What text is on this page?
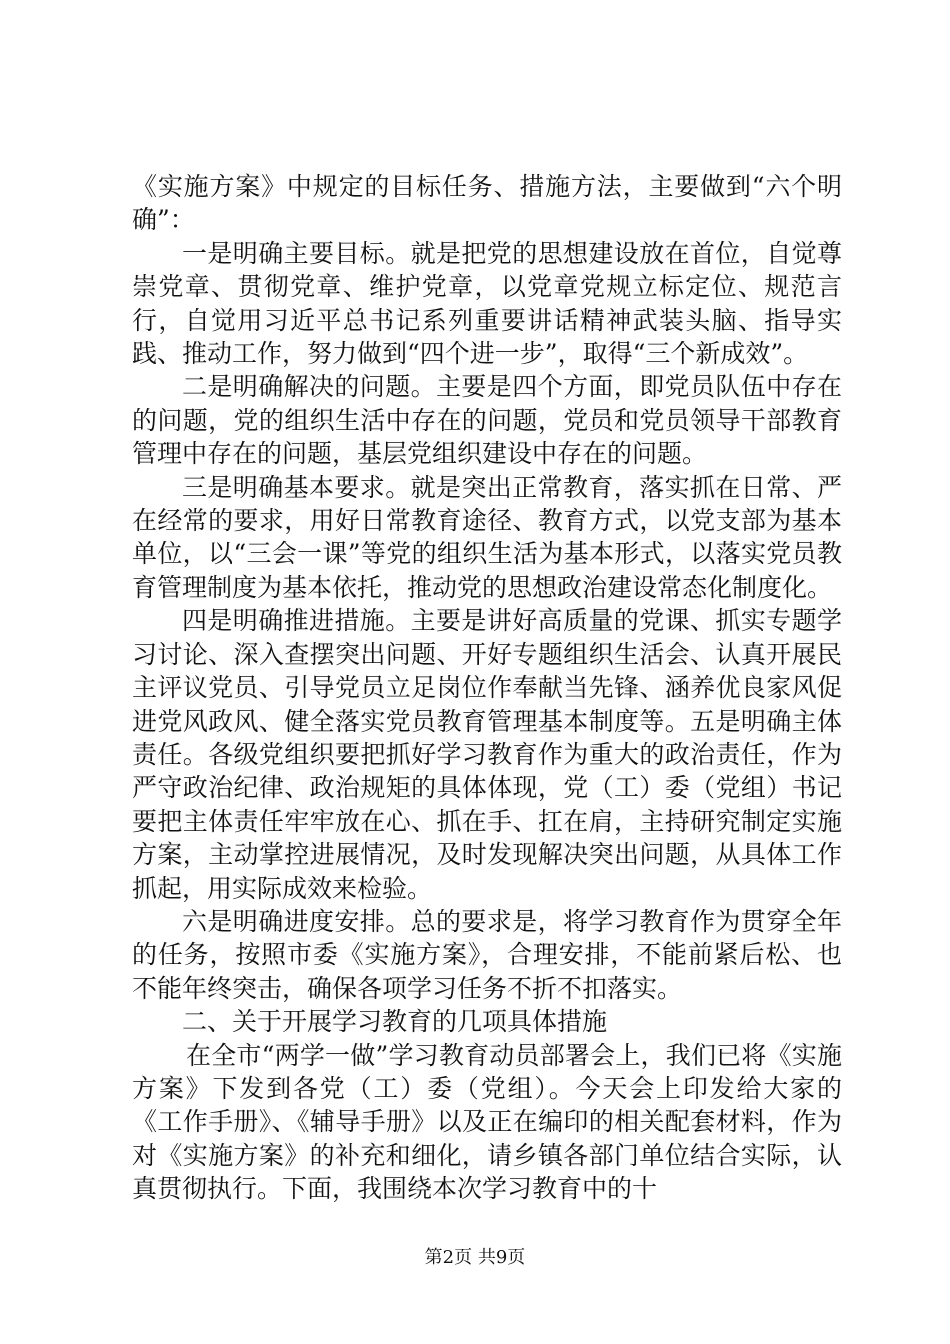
《实施方案》中规定的目标任务、措施方法，主要做到“六个明确”：

一是明确主要目标。就是把党的思想建设放在首位，自觉尊崇党章、贯彻党章、维护党章，以党章党规立标定位、规范言行，自觉用习近平总书记系列重要讲话精神武装头脑、指导实践、推动工作，努力做到“四个进一步”，取得“三个新成效”。

二是明确解决的问题。主要是四个方面，即党员队伍中存在的问题，党的组织生活中存在的问题，党员和党员领导干部教育管理中存在的问题，基层党组织建设中存在的问题。

三是明确基本要求。就是突出正常教育，落实抓在日常、严在经常的要求，用好日常教育途径、教育方式，以党支部为基本单位，以“三会一课”等党的组织生活为基本形式，以落实党员教育管理制度为基本依托，推动党的思想政治建设常态化制度化。

四是明确推进措施。主要是讲好高质量的党课、抓实专题学习讨论、深入查摆突出问题、开好专题组织生活会、认真开展民主评议党员、引导党员立足岗位作奉献当先锋、涵养优良家风促进党风政风、健全落实党员教育管理基本制度等。五是明确主体责任。各级党组织要把抓好学习教育作为重大的政治责任，作为严守政治纪律、政治规矩的具体体现，党（工）委（党组）书记要把主体责任牢牢放在心、抓在手、扛在肩，主持研究制定实施方案，主动掌控进展情况，及时发现解决突出问题，从具体工作抓起，用实际成效来检验。

六是明确进度安排。总的要求是，将学习教育作为贯穿全年的任务，按照市委《实施方案》，合理安排，不能前紧后松、也不能年终突击，确保各项学习任务不折不扣落实。

二、关于开展学习教育的几项具体措施

在全市“两学一做”学习教育动员部署会上，我们已将《实施方案》下发到各党（工）委（党组）。今天会上印发给大家的《工作手册》、《辅导手册》以及正在编印的相关配套材料，作为对《实施方案》的补充和细化，请乡镇各部门单位结合实际，认真贯彻执行。下面，我围绕本次学习教育中的十

第2页 共9页
